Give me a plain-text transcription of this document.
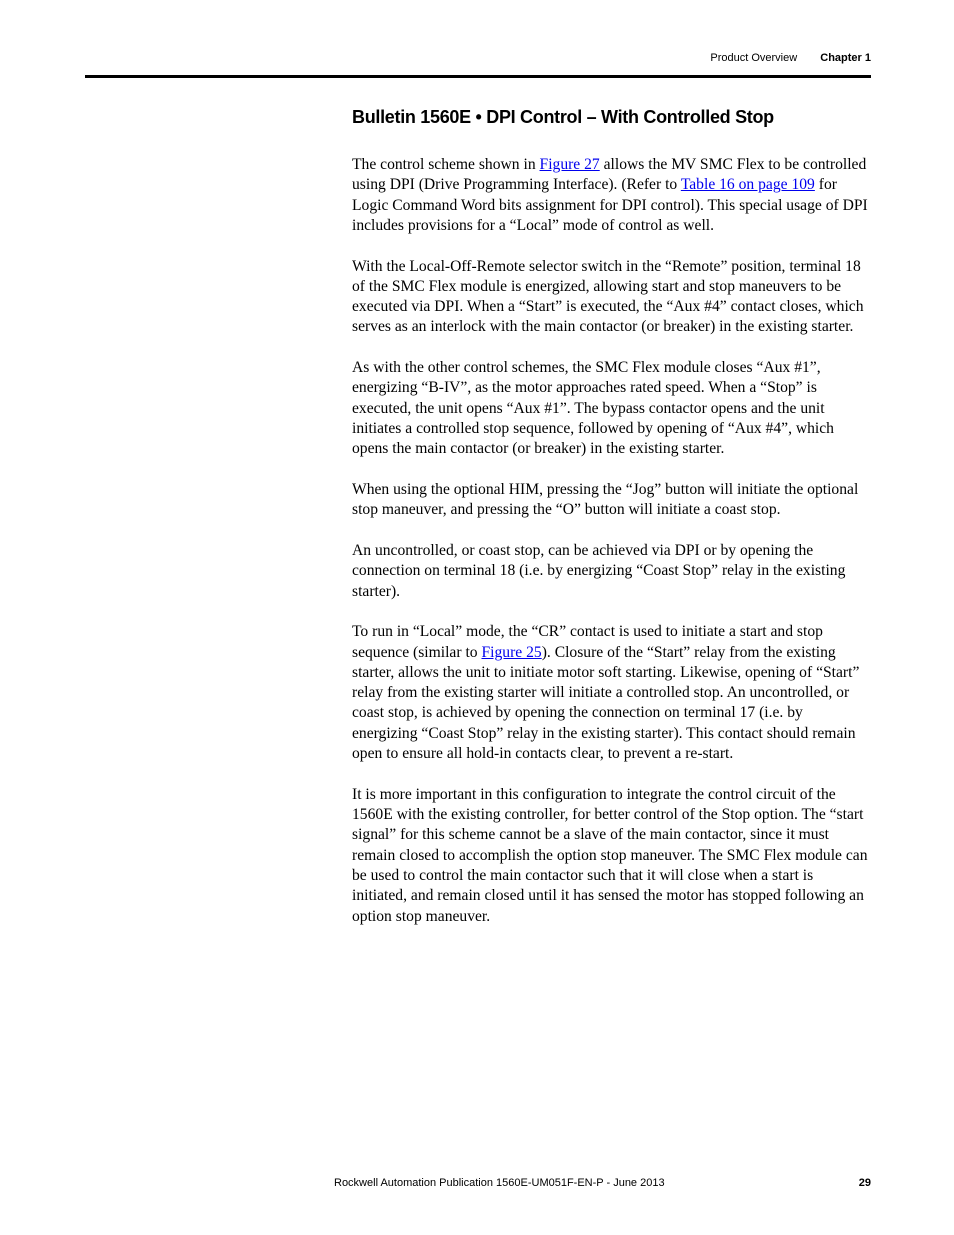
Product Overview Chapter 1
Bulletin 1560E • DPI Control – With Controlled Stop

The control scheme shown in Figure 27 allows the MV SMC Flex to be controlled using DPI (Drive Programming Interface). (Refer to Table 16 on page 109 for Logic Command Word bits assignment for DPI control). This special usage of DPI includes provisions for a “Local” mode of control as well.

With the Local-Off-Remote selector switch in the “Remote” position, terminal 18 of the SMC Flex module is energized, allowing start and stop maneuvers to be executed via DPI. When a “Start” is executed, the “Aux #4” contact closes, which serves as an interlock with the main contactor (or breaker) in the existing starter.

As with the other control schemes, the SMC Flex module closes “Aux #1”, energizing “B-IV”, as the motor approaches rated speed. When a “Stop” is executed, the unit opens “Aux #1”. The bypass contactor opens and the unit initiates a controlled stop sequence, followed by opening of “Aux #4”, which opens the main contactor (or breaker) in the existing starter.

When using the optional HIM, pressing the “Jog” button will initiate the optional stop maneuver, and pressing the “O” button will initiate a coast stop.

An uncontrolled, or coast stop, can be achieved via DPI or by opening the connection on terminal 18 (i.e. by energizing “Coast Stop” relay in the existing starter).

To run in “Local” mode, the “CR” contact is used to initiate a start and stop sequence (similar to Figure 25). Closure of the “Start” relay from the existing starter, allows the unit to initiate motor soft starting. Likewise, opening of “Start” relay from the existing starter will initiate a controlled stop. An uncontrolled, or coast stop, is achieved by opening the connection on terminal 17 (i.e. by energizing “Coast Stop” relay in the existing starter). This contact should remain open to ensure all hold-in contacts clear, to prevent a re-start.

It is more important in this configuration to integrate the control circuit of the 1560E with the existing controller, for better control of the Stop option. The “start signal” for this scheme cannot be a slave of the main contactor, since it must remain closed to accomplish the option stop maneuver. The SMC Flex module can be used to control the main contactor such that it will close when a start is initiated, and remain closed until it has sensed the motor has stopped following an option stop maneuver.

Rockwell Automation Publication 1560E-UM051F-EN-P - June 2013	29
